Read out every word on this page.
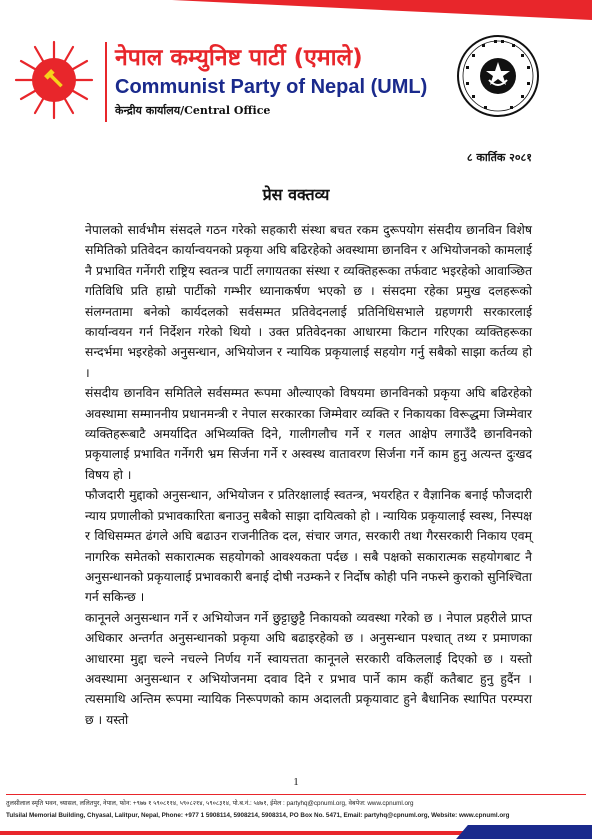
नेपाल कम्युनिष्ट पार्टी (एमाले)
Communist Party of Nepal (UML)
केन्द्रीय कार्यालय/Central Office
८ कार्तिक २०८१
प्रेस वक्तव्य

नेपालको सार्वभौम संसदले गठन गरेको सहकारी संस्था बचत रकम दुरूपयोग संसदीय छानविन विशेष समितिको प्रतिवेदन कार्यान्वयनको प्रकृया अघि बढिरहेको अवस्थामा छानविन र अभियोजनको कामलाई नै प्रभावित गर्नेगरी राष्ट्रिय स्वतन्त्र पार्टी लगायतका संस्था र व्यक्तिहरूका तर्फवाट भइरहेको आवाञ्छित गतिविधि प्रति हाम्रो पार्टीको गम्भीर ध्यानाकर्षण भएको छ । संसदमा रहेका प्रमुख दलहरूको संलग्नतामा बनेको कार्यदलको सर्वसम्मत प्रतिवेदनलाई प्रतिनिधिसभाले ग्रहणगरी सरकारलाई कार्यान्वयन गर्न निर्देशन गरेको थियो । उक्त प्रतिवेदनका आधारमा किटान गरिएका व्यक्तिहरूका सन्दर्भमा भइरहेको अनुसन्धान, अभियोजन र न्यायिक प्रकृयालाई सहयोग गर्नु सबैको साझा कर्तव्य हो ।

संसदीय छानविन समितिले सर्वसम्मत रूपमा औल्याएको विषयमा छानविनको प्रकृया अघि बढिरहेको अवस्थामा सम्माननीय प्रधानमन्त्री र नेपाल सरकारका जिम्मेवार व्यक्ति र निकायका विरूद्धमा जिम्मेवार व्यक्तिहरूबाटै अमर्यादित अभिव्यक्ति दिने, गालीगलौच गर्ने र गलत आक्षेप लगाउँदै छानविनको प्रकृयालाई प्रभावित गर्नेगरी भ्रम सिर्जना गर्ने र अस्वस्थ वातावरण सिर्जना गर्ने काम हुनु अत्यन्त दुःखद विषय हो ।

फौजदारी मुद्दाको अनुसन्धान, अभियोजन र प्रतिरक्षालाई स्वतन्त्र, भयरहित र वैज्ञानिक बनाई फौजदारी न्याय प्रणालीको प्रभावकारिता बनाउनु सबैको साझा दायित्वको हो । न्यायिक प्रकृयालाई स्वस्थ, निस्पक्ष र विधिसम्मत ढंगले अघि बढाउन राजनीतिक दल, संचार जगत, सरकारी तथा गैरसरकारी निकाय एवम् नागरिक समेतको सकारात्मक सहयोगको आवश्यकता पर्दछ । सबै पक्षको सकारात्मक सहयोगबाट नै अनुसन्धानको प्रकृयालाई प्रभावकारी बनाई दोषी नउम्कने र निर्दोष कोही पनि नफस्ने कुराको सुनिश्चिता गर्न सकिन्छ ।

कानूनले अनुसन्धान गर्ने र अभियोजन गर्ने छुट्टाछुट्टै निकायको व्यवस्था गरेको छ । नेपाल प्रहरीले प्राप्त अधिकार अन्तर्गत अनुसन्धानको प्रकृया अघि बढाइरहेको छ । अनुसन्धान पश्चात् तथ्य र प्रमाणका आधारमा मुद्दा चल्ने नचल्ने निर्णय गर्ने स्वायत्तता कानूनले सरकारी वकिललाई दिएको छ । यस्तो अवस्थामा अनुसन्धान र अभियोजनमा दवाव दिने र प्रभाव पार्ने काम कहीं कतैबाट हुनु हुदैंन । त्यसमाथि अन्तिम रूपमा न्यायिक निरूपणको काम अदालती प्रकृयावाट हुने बैधानिक स्थापित परम्परा छ । यस्तो

1
तुलसीलाल स्मृति भवन, च्यासल, ललितपुर, नेपाल, फोन: +९७७ १ ५९०८११४, ५९०८२१४, ५९०८३१४, पो.ब.नं.: ५४७१, ईमेल : partyhq@cpnuml.org, वेबपेज: www.cpnuml.org
Tulsilal Memorial Building, Chyasal, Lalitpur, Nepal, Phone: +977 1 5908114, 5908214, 5908314, PO Box No. 5471, Email: partyhq@cpnuml.org, Website: www.cpnuml.org
